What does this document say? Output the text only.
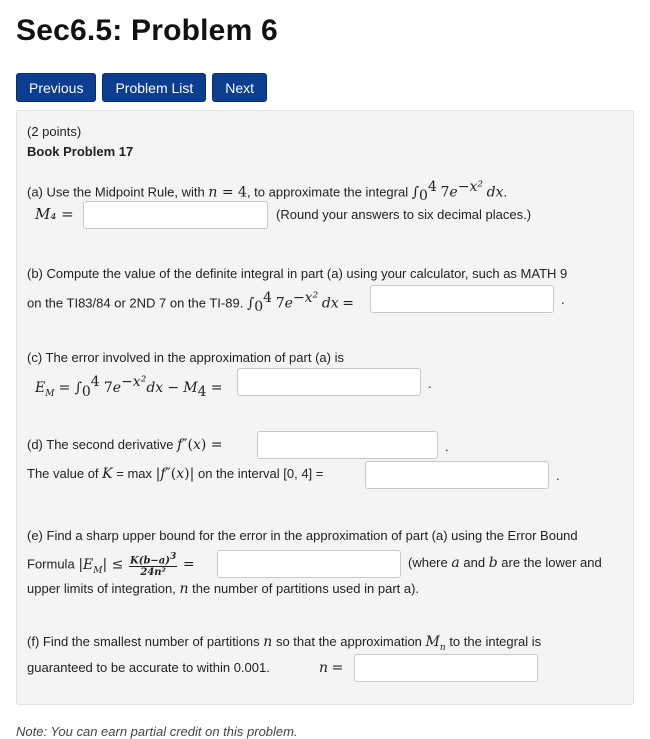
Sec6.5: Problem 6
Previous	Problem List	Next
(2 points)
Book Problem 17
(a) Use the Midpoint Rule, with n = 4, to approximate the integral $\int_0^4$ $7e^{-x^2}$ dx.
M₄ =	(Round your answers to six decimal places.)
(b) Compute the value of the definite integral in part (a) using your calculator, such as MATH 9
on the TI83/84 or 2ND 7 on the TI-89. $\int_0^4$ $7e^{-x^2}$ dx =	.
(c) The error involved in the approximation of part (a) is
$E_M = \int_0^4$ $7e^{-x^2}dx - M_4$ =	.
(d) The second derivative f″(x) =	.
The value of K = max |f″(x)| on the interval [0, 4] =	.
(e) Find a sharp upper bound for the error in the approximation of part (a) using the Error Bound
Formula $|E_M| \le \frac{K(b-a)^3}{\text{24n²}}$ =	(where a and b are the lower and
upper limits of integration, n the number of partitions used in part a).
(f) Find the smallest number of partitions n so that the approximation $M_n$ to the integral is
guaranteed to be accurate to within 0.001.	n =
Note: You can earn partial credit on this problem.
